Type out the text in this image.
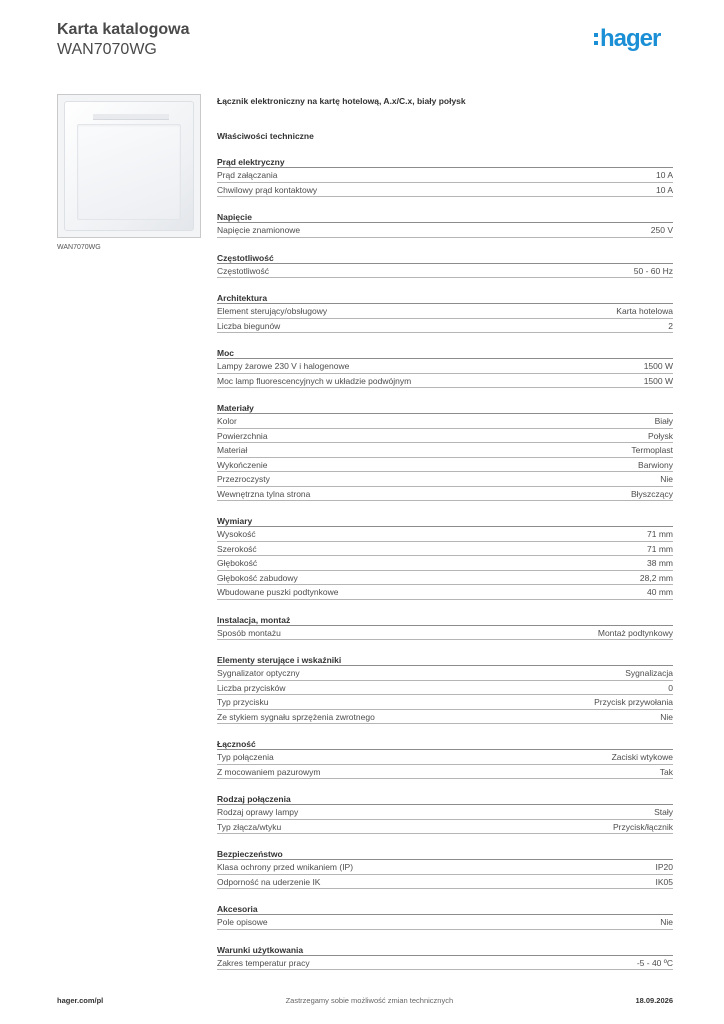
Karta katalogowa
WAN7070WG	hager
WAN7070WG
Łącznik elektroniczny na kartę hotelową, A.x/C.x, biały połysk
Właściwości techniczne
Prąd elektryczny
Prąd załączania	10 A
Chwilowy prąd kontaktowy	10 A
Napięcie
Napięcie znamionowe	250 V
Częstotliwość
Częstotliwość	50 - 60 Hz
Architektura
Element sterujący/obsługowy	Karta hotelowa
Liczba biegunów	2
Moc
Lampy żarowe 230 V i halogenowe	1500 W
Moc lamp fluorescencyjnych w układzie podwójnym	1500 W
Materiały
Kolor	Biały
Powierzchnia	Połysk
Materiał	Termoplast
Wykończenie	Barwiony
Przezroczysty	Nie
Wewnętrzna tylna strona	Błyszczący
Wymiary
Wysokość	71 mm
Szerokość	71 mm
Głębokość	38 mm
Głębokość zabudowy	28,2 mm
Wbudowane puszki podtynkowe	40 mm
Instalacja, montaż
Sposób montażu	Montaż podtynkowy
Elementy sterujące i wskaźniki
Sygnalizator optyczny	Sygnalizacja
Liczba przycisków	0
Typ przycisku	Przycisk przywołania
Ze stykiem sygnału sprzężenia zwrotnego	Nie
Łączność
Typ połączenia	Zaciski wtykowe
Z mocowaniem pazurowym	Tak
Rodzaj połączenia
Rodzaj oprawy lampy	Stały
Typ złącza/wtyku	Przycisk/łącznik
Bezpieczeństwo
Klasa ochrony przed wnikaniem (IP)	IP20
Odporność na uderzenie IK	IK05
Akcesoria
Pole opisowe	Nie
Warunki użytkowania
Zakres temperatur pracy	-5 - 40 ºC
hager.com/pl	Zastrzegamy sobie możliwość zmian technicznych	18.09.2026
